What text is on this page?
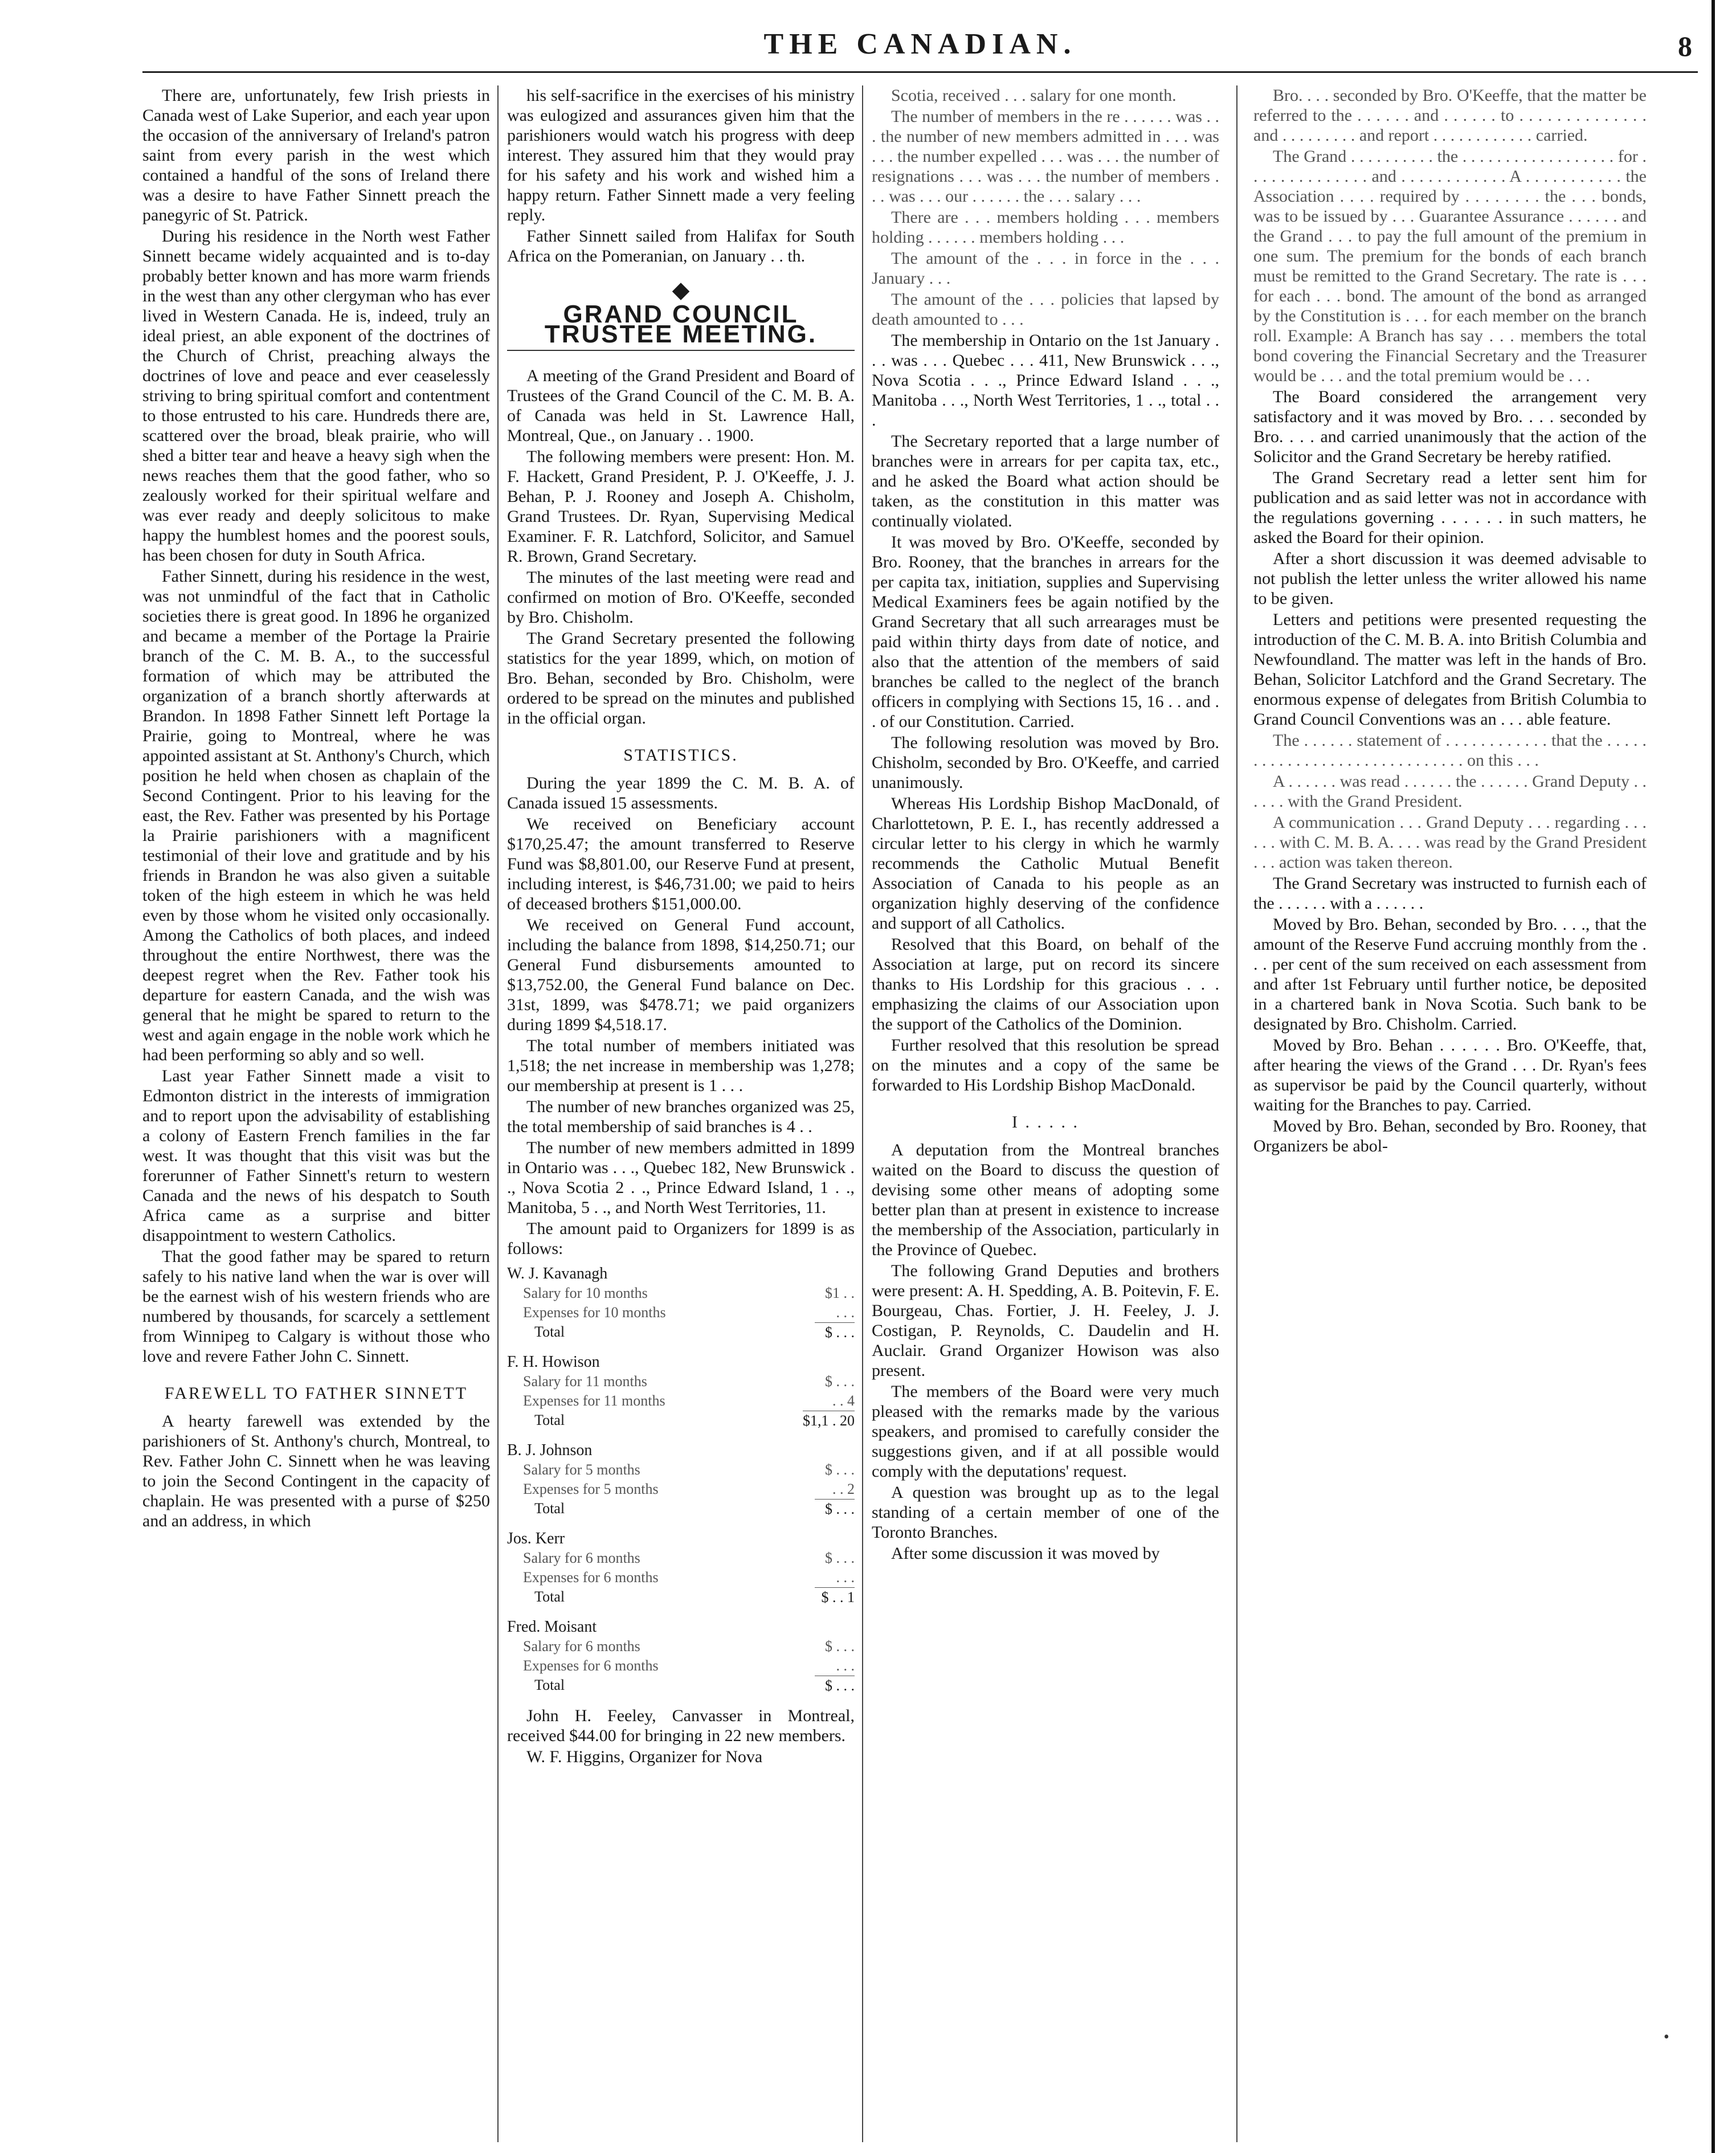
THE CANADIAN.	8

There are, unfortunately, few Irish priests in Canada west of Lake Superior, and each year upon the occasion of the anniversary of Ireland's patron saint from every parish in the west which contained a handful of the sons of Ireland there was a desire to have Father Sinnett preach the panegyric of St. Patrick.

During his residence in the North west Father Sinnett became widely acquainted and is to-day probably better known and has more warm friends in the west than any other clergyman who has ever lived in Western Canada. He is, indeed, truly an ideal priest, an able exponent of the doctrines of the Church of Christ, preaching always the doctrines of love and peace and ever ceaselessly striving to bring spiritual comfort and contentment to those entrusted to his care. Hundreds there are, scattered over the broad, bleak prairie, who will shed a bitter tear and heave a heavy sigh when the news reaches them that the good father, who so zealously worked for their spiritual welfare and was ever ready and deeply solicitous to make happy the humblest homes and the poorest souls, has been chosen for duty in South Africa.

Father Sinnett, during his residence in the west, was not unmindful of the fact that in Catholic societies there is great good. In 1896 he organized and became a member of the Portage la Prairie branch of the C. M. B. A., to the successful formation of which may be attributed the organization of a branch shortly afterwards at Brandon. In 1898 Father Sinnett left Portage la Prairie, going to Montreal, where he was appointed assistant at St. Anthony's Church, which position he held when chosen as chaplain of the Second Contingent. Prior to his leaving for the east, the Rev. Father was presented by his Portage la Prairie parishioners with a magnificent testimonial of their love and gratitude and by his friends in Brandon he was also given a suitable token of the high esteem in which he was held even by those whom he visited only occasionally. Among the Catholics of both places, and indeed throughout the entire Northwest, there was the deepest regret when the Rev. Father took his departure for eastern Canada, and the wish was general that he might be spared to return to the west and again engage in the noble work which he had been performing so ably and so well.

Last year Father Sinnett made a visit to Edmonton district in the interests of immigration and to report upon the advisability of establishing a colony of Eastern French families in the far west. It was thought that this visit was but the forerunner of Father Sinnett's return to western Canada and the news of his despatch to South Africa came as a surprise and bitter disappointment to western Catholics.

That the good father may be spared to return safely to his native land when the war is over will be the earnest wish of his western friends who are numbered by thousands, for scarcely a settlement from Winnipeg to Calgary is without those who love and revere Father John C. Sinnett.

FAREWELL TO FATHER SINNETT

A hearty farewell was extended by the parishioners of St. Anthony's church, Montreal, to Rev. Father John C. Sinnett when he was leaving to join the Second Contingent in the capacity of chaplain. He was presented with a purse of $250 and an address, in which

his self-sacrifice in the exercises of his ministry was eulogized and assurances given him that the parishioners would watch his progress with deep interest. They assured him that they would pray for his safety and his work and wished him a happy return. Father Sinnett made a very feeling reply.

Father Sinnett sailed from Halifax for South Africa on the Pomeranian, on January . . th.

◆
GRAND COUNCIL TRUSTEE MEETING.

A meeting of the Grand President and Board of Trustees of the Grand Council of the C. M. B. A. of Canada was held in St. Lawrence Hall, Montreal, Que., on January . . 1900.

The following members were present: Hon. M. F. Hackett, Grand President, P. J. O'Keeffe, J. J. Behan, P. J. Rooney and Joseph A. Chisholm, Grand Trustees. Dr. Ryan, Supervising Medical Examiner. F. R. Latchford, Solicitor, and Samuel R. Brown, Grand Secretary.

The minutes of the last meeting were read and confirmed on motion of Bro. O'Keeffe, seconded by Bro. Chisholm.

The Grand Secretary presented the following statistics for the year 1899, which, on motion of Bro. Behan, seconded by Bro. Chisholm, were ordered to be spread on the minutes and published in the official organ.

STATISTICS.

During the year 1899 the C. M. B. A. of Canada issued 15 assessments.

We received on Beneficiary account $170,25.47; the amount transferred to Reserve Fund was $8,801.00, our Reserve Fund at present, including interest, is $46,731.00; we paid to heirs of deceased brothers $151,000.00.

We received on General Fund account, including the balance from 1898, $14,250.71; our General Fund disbursements amounted to $13,752.00, the General Fund balance on Dec. 31st, 1899, was $478.71; we paid organizers during 1899 $4,518.17.

The total number of members initiated was 1,518; the net increase in membership was 1,278; our membership at present is 1 . . .

The number of new branches organized was 25, the total membership of said branches is 4 . .

The number of new members admitted in 1899 in Ontario was . . ., Quebec 182, New Brunswick . ., Nova Scotia 2 . ., Prince Edward Island, 1 . ., Manitoba, 5 . ., and North West Territories, 11.

The amount paid to Organizers for 1899 is as follows:

W. J. Kavanagh
Salary for 10 months	$1 . .
Expenses for 10 months	. . .
Total	$ . . .
F. H. Howison
Salary for 11 months	$ . . .
Expenses for 11 months	. . 4
Total	$1,1 . 20
B. J. Johnson
Salary for 5 months	$ . . .
Expenses for 5 months	. . 2
Total	$ . . .
Jos. Kerr
Salary for 6 months	$ . . .
Expenses for 6 months	. . .
Total	$ . . 1
Fred. Moisant
Salary for 6 months	$ . . .
Expenses for 6 months	. . .
Total	$ . . .

John H. Feeley, Canvasser in Montreal, received $44.00 for bringing in 22 new members.

W. F. Higgins, Organizer for Nova

Scotia, received . . . salary for one month.

The number of members in the re . . . . . . was . . . the number of new members admitted in . . . was . . . the number expelled . . . was . . . the number of resignations . . . was . . . the number of members . . . was . . . our . . . . . . the . . . salary . . .

There are . . . members holding . . . members holding . . . . . . members holding . . .

The amount of the . . . in force in the . . . January . . .

The amount of the . . . policies that lapsed by death amounted to . . .

The membership in Ontario on the 1st January . . . was . . . Quebec . . . 411, New Brunswick . . ., Nova Scotia . . ., Prince Edward Island . . ., Manitoba . . ., North West Territories, 1 . ., total . . .

The Secretary reported that a large number of branches were in arrears for per capita tax, etc., and he asked the Board what action should be taken, as the constitution in this matter was continually violated.

It was moved by Bro. O'Keeffe, seconded by Bro. Rooney, that the branches in arrears for the per capita tax, initiation, supplies and Supervising Medical Examiners fees be again notified by the Grand Secretary that all such arrearages must be paid within thirty days from date of notice, and also that the attention of the members of said branches be called to the neglect of the branch officers in complying with Sections 15, 16 . . and . . of our Constitution. Carried.

The following resolution was moved by Bro. Chisholm, seconded by Bro. O'Keeffe, and carried unanimously.

Whereas His Lordship Bishop MacDonald, of Charlottetown, P. E. I., has recently addressed a circular letter to his clergy in which he warmly recommends the Catholic Mutual Benefit Association of Canada to his people as an organization highly deserving of the confidence and support of all Catholics.

Resolved that this Board, on behalf of the Association at large, put on record its sincere thanks to His Lordship for this gracious . . . emphasizing the claims of our Association upon the support of the Catholics of the Dominion.

Further resolved that this resolution be spread on the minutes and a copy of the same be forwarded to His Lordship Bishop MacDonald.

I . . . . .

A deputation from the Montreal branches waited on the Board to discuss the question of devising some other means of adopting some better plan than at present in existence to increase the membership of the Association, particularly in the Province of Quebec.

The following Grand Deputies and brothers were present: A. H. Spedding, A. B. Poitevin, F. E. Bourgeau, Chas. Fortier, J. H. Feeley, J. J. Costigan, P. Reynolds, C. Daudelin and H. Auclair. Grand Organizer Howison was also present.

The members of the Board were very much pleased with the remarks made by the various speakers, and promised to carefully consider the suggestions given, and if at all possible would comply with the deputations' request.

A question was brought up as to the legal standing of a certain member of one of the Toronto Branches.

After some discussion it was moved by

Bro. . . . seconded by Bro. O'Keeffe, that the matter be referred to the . . . . . . and . . . . . . to . . . . . . . . . . . . . . and . . . . . . . . . and report . . . . . . . . . . . . carried.

The Grand . . . . . . . . . . the . . . . . . . . . . . . . . . . . . for . . . . . . . . . . . . . . and . . . . . . . . . . . . A . . . . . . . . . . . the Association . . . . required by . . . . . . . . the . . . bonds, was to be issued by . . . Guarantee Assurance . . . . . . and the Grand . . . to pay the full amount of the premium in one sum. The premium for the bonds of each branch must be remitted to the Grand Secretary. The rate is . . . for each . . . bond. The amount of the bond as arranged by the Constitution is . . . for each member on the branch roll. Example: A Branch has say . . . members the total bond covering the Financial Secretary and the Treasurer would be . . . and the total premium would be . . .

The Board considered the arrangement very satisfactory and it was moved by Bro. . . . seconded by Bro. . . . and carried unanimously that the action of the Solicitor and the Grand Secretary be hereby ratified.

The Grand Secretary read a letter sent him for publication and as said letter was not in accordance with the regulations governing . . . . . . in such matters, he asked the Board for their opinion.

After a short discussion it was deemed advisable to not publish the letter unless the writer allowed his name to be given.

Letters and petitions were presented requesting the introduction of the C. M. B. A. into British Columbia and Newfoundland. The matter was left in the hands of Bro. Behan, Solicitor Latchford and the Grand Secretary. The enormous expense of delegates from British Columbia to Grand Council Conventions was an . . . able feature.

The . . . . . . statement of . . . . . . . . . . . . that the . . . . . . . . . . . . . . . . . . . . . . . . . . . . . . on this . . .

A . . . . . . was read . . . . . . the . . . . . . Grand Deputy . . . . . . with the Grand President.

A communication . . . Grand Deputy . . . regarding . . . . . . with C. M. B. A. . . . was read by the Grand President . . . action was taken thereon.

The Grand Secretary was instructed to furnish each of the . . . . . . with a . . . . . .

Moved by Bro. Behan, seconded by Bro. . . ., that the amount of the Reserve Fund accruing monthly from the . . . per cent of the sum received on each assessment from and after 1st February until further notice, be deposited in a chartered bank in Nova Scotia. Such bank to be designated by Bro. Chisholm. Carried.

Moved by Bro. Behan . . . . . . Bro. O'Keeffe, that, after hearing the views of the Grand . . . Dr. Ryan's fees as supervisor be paid by the Council quarterly, without waiting for the Branches to pay. Carried.

Moved by Bro. Behan, seconded by Bro. Rooney, that Organizers be abol-

•
